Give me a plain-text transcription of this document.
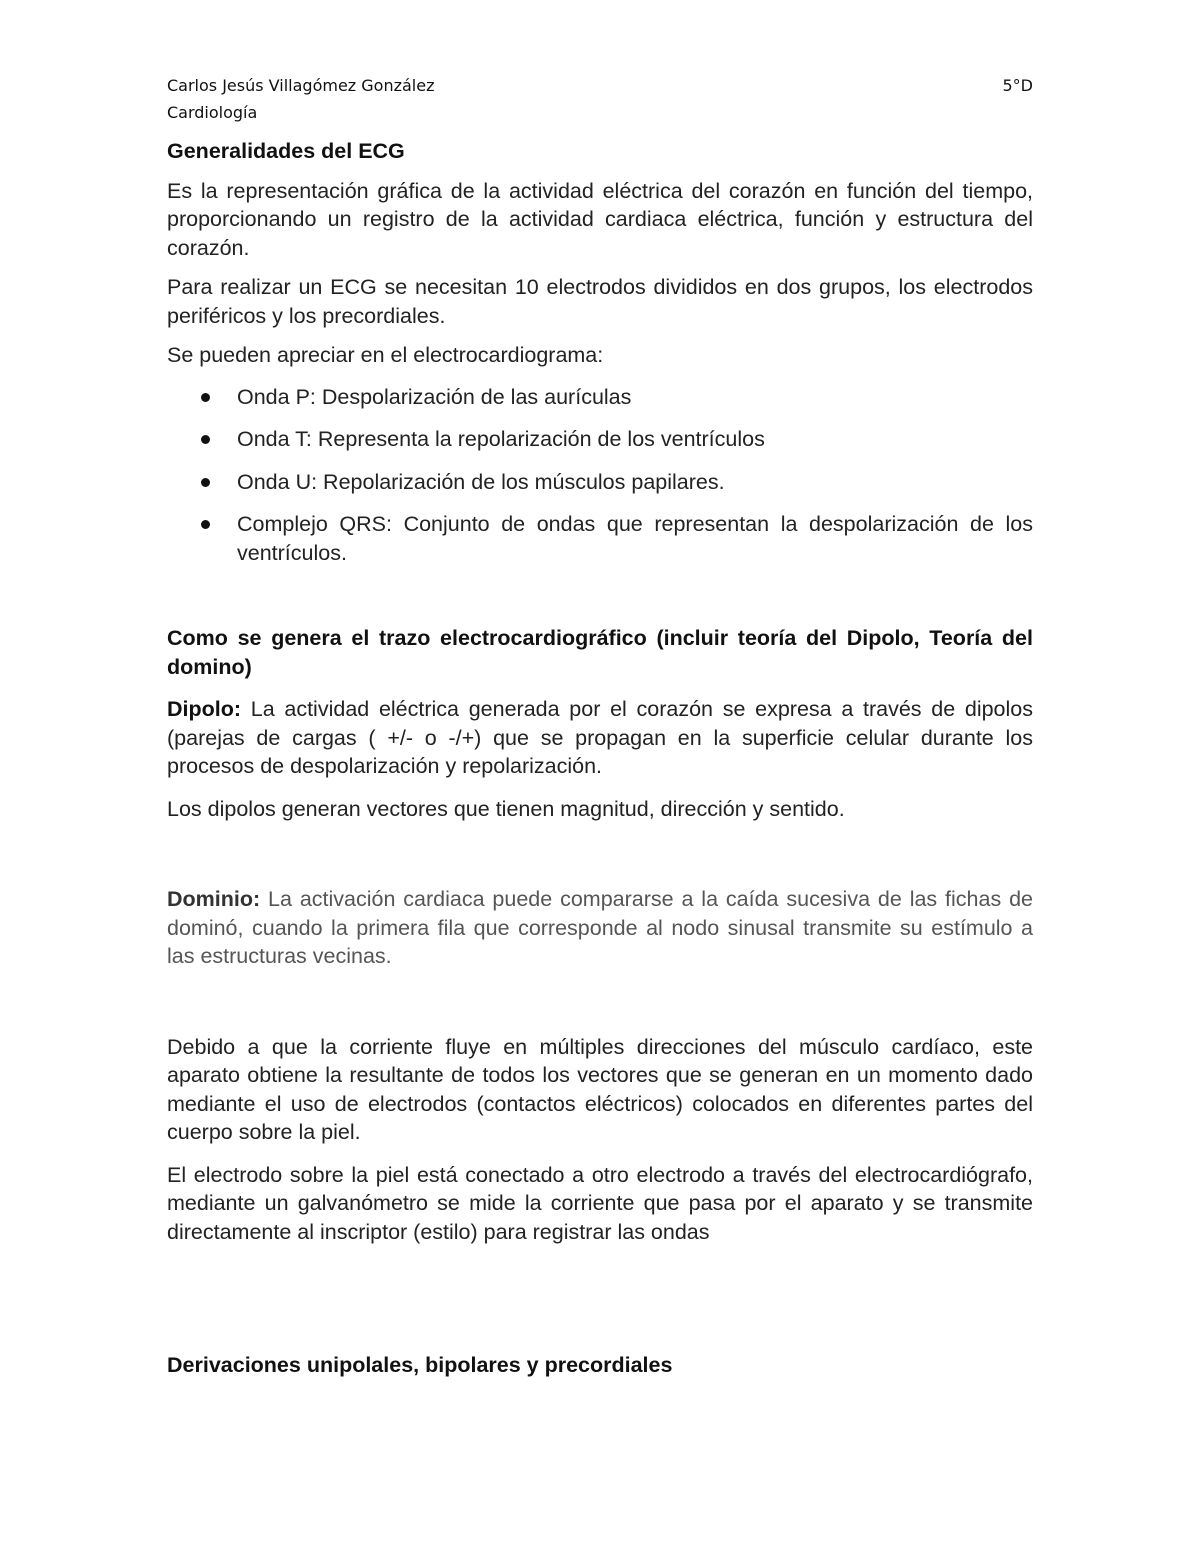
Carlos Jesús Villagómez González	5°D
Cardiología

Generalidades del ECG

Es la representación gráfica de la actividad eléctrica del corazón en función del tiempo, proporcionando un registro de la actividad cardiaca eléctrica, función y estructura del corazón.

Para realizar un ECG se necesitan 10 electrodos divididos en dos grupos, los electrodos periféricos y los precordiales.

Se pueden apreciar en el electrocardiograma:

Onda P: Despolarización de las aurículas
Onda T: Representa la repolarización de los ventrículos
Onda U: Repolarización de los músculos papilares.
Complejo QRS: Conjunto de ondas que representan la despolarización de los ventrículos.

Como se genera el trazo electrocardiográfico (incluir teoría del Dipolo, Teoría del domino)

Dipolo: La actividad eléctrica generada por el corazón se expresa a través de dipolos (parejas de cargas ( +/- o -/+) que se propagan en la superficie celular durante los procesos de despolarización y repolarización.

Los dipolos generan vectores que tienen magnitud, dirección y sentido.

Dominio: La activación cardiaca puede compararse a la caída sucesiva de las fichas de dominó, cuando la primera fila que corresponde al nodo sinusal transmite su estímulo a las estructuras vecinas.

Debido a que la corriente fluye en múltiples direcciones del músculo cardíaco, este aparato obtiene la resultante de todos los vectores que se generan en un momento dado mediante el uso de electrodos (contactos eléctricos) colocados en diferentes partes del cuerpo sobre la piel.

El electrodo sobre la piel está conectado a otro electrodo a través del electrocardiógrafo, mediante un galvanómetro se mide la corriente que pasa por el aparato y se transmite directamente al inscriptor (estilo) para registrar las ondas

Derivaciones unipolales, bipolares y precordiales
